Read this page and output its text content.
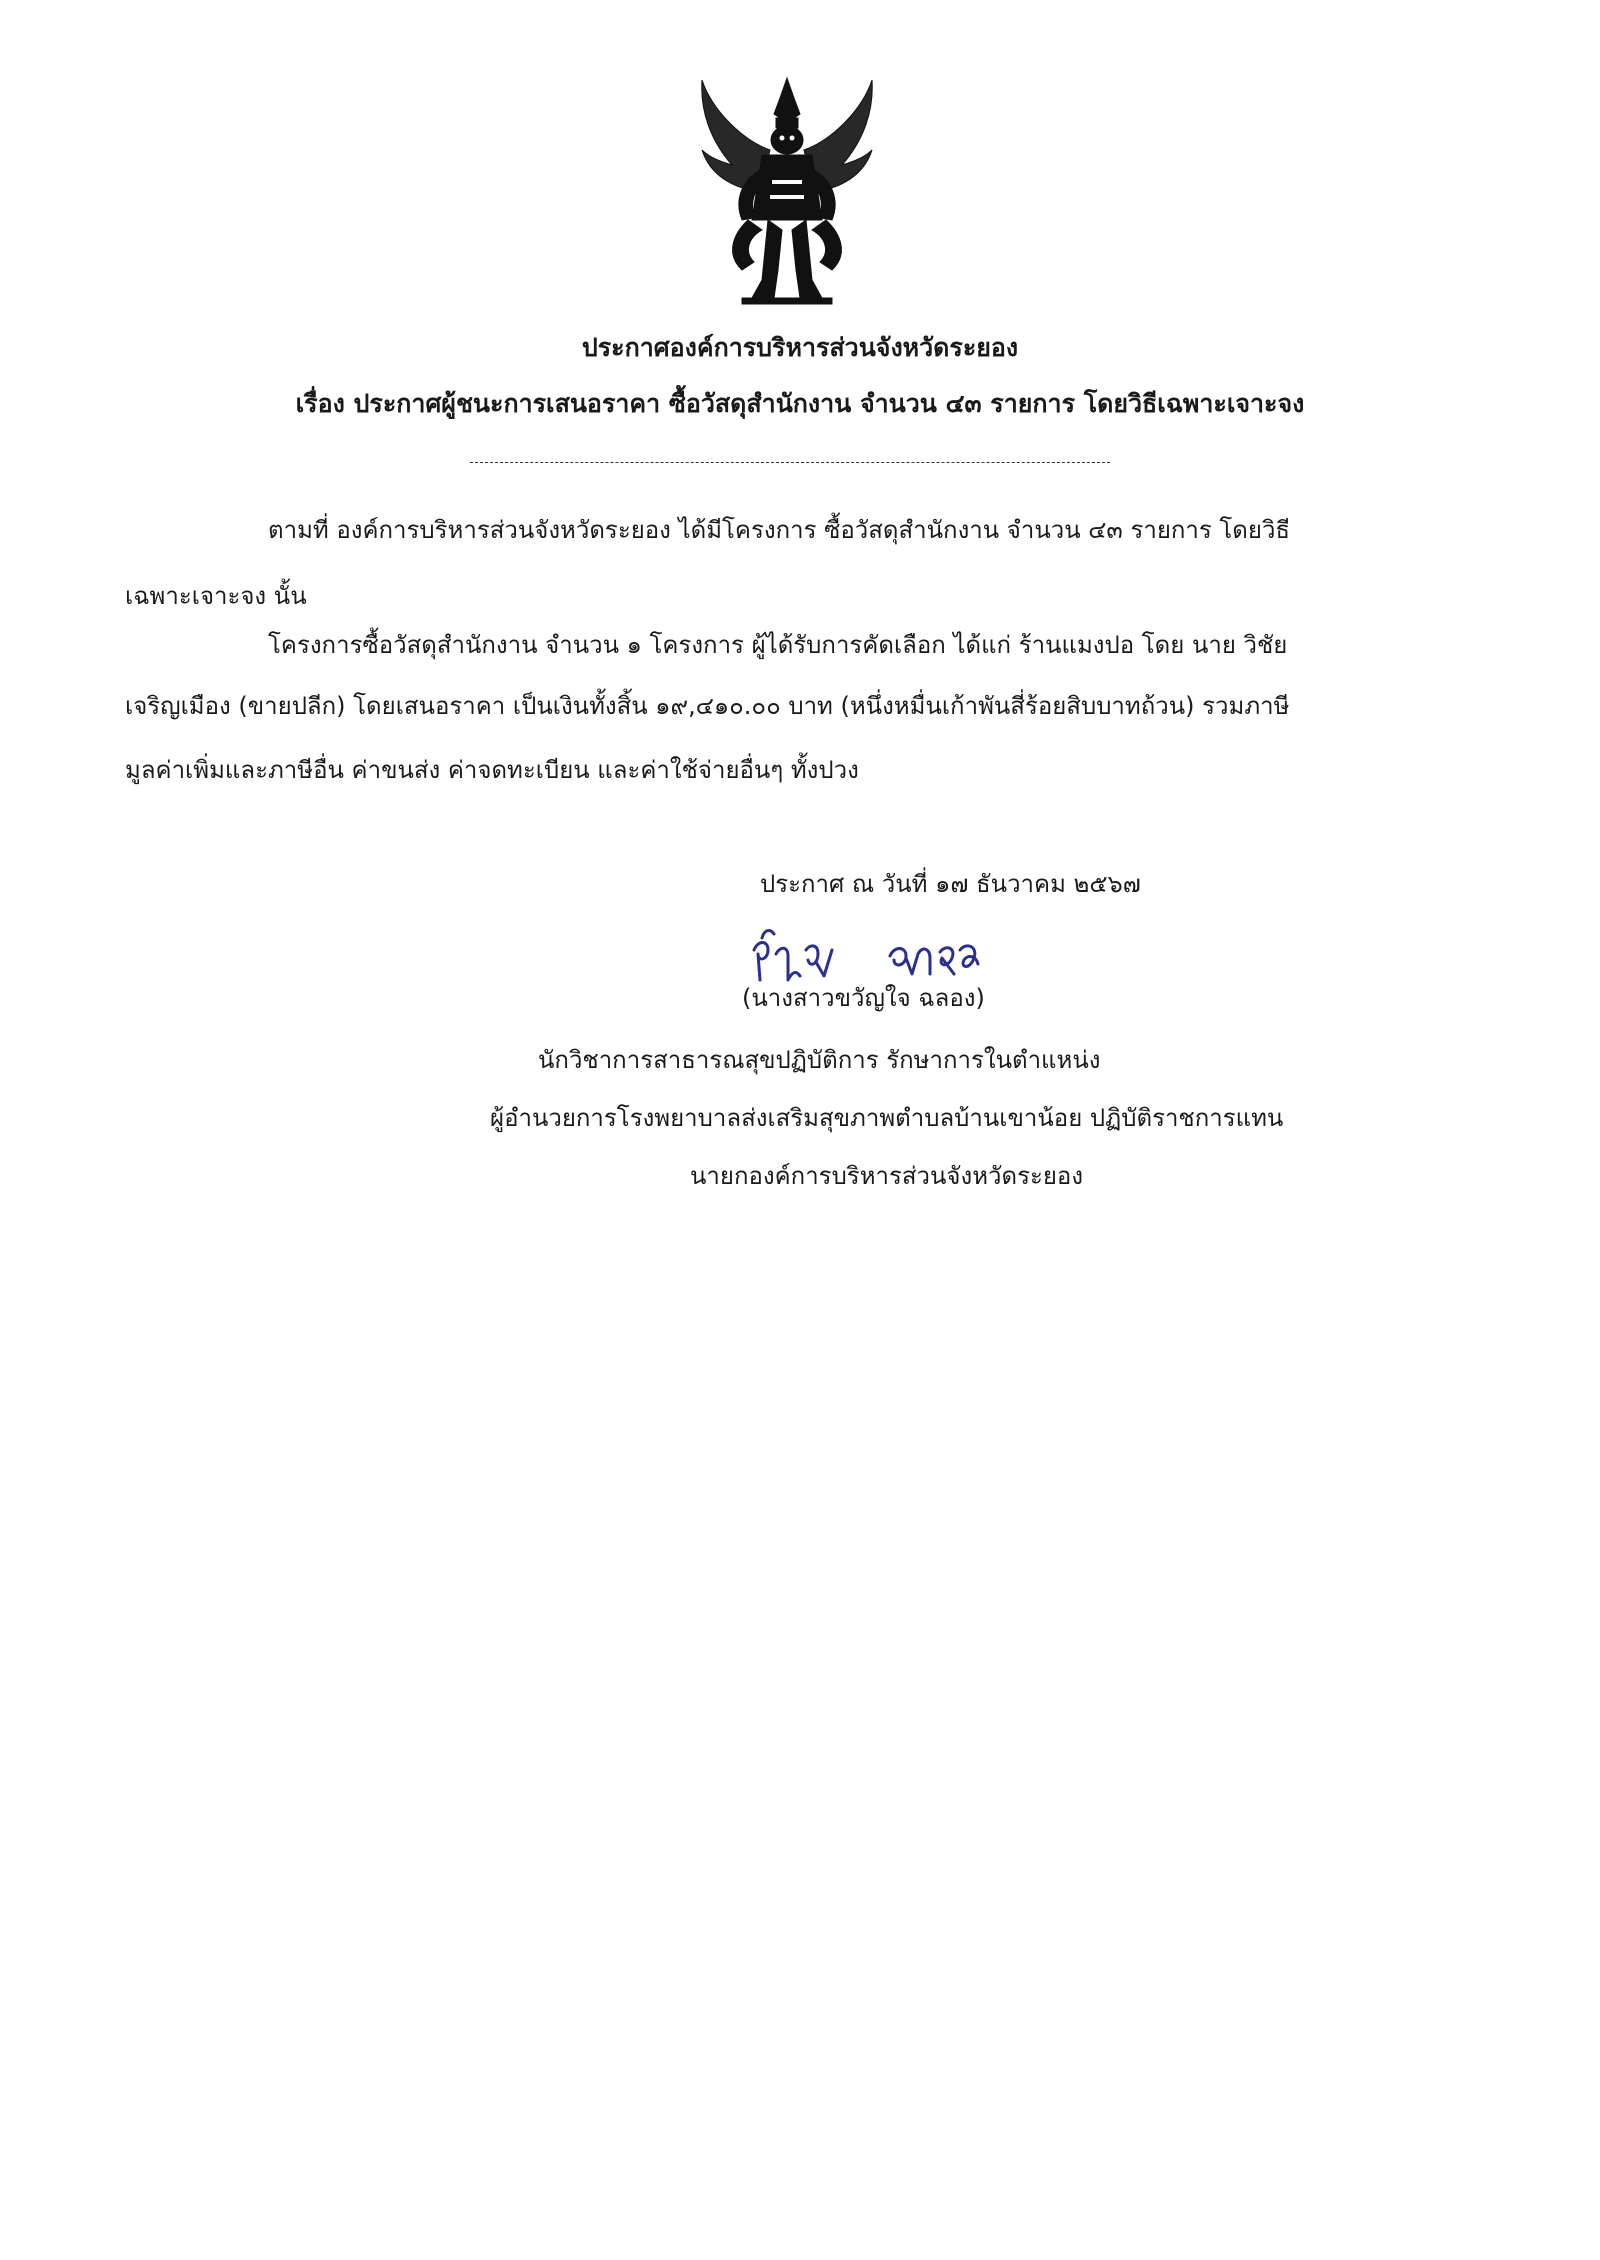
ประกาศองค์การบริหารส่วนจังหวัดระยอง
เรื่อง ประกาศผู้ชนะการเสนอราคา ซื้อวัสดุสำนักงาน จำนวน ๔๓ รายการ โดยวิธีเฉพาะเจาะจง
ตามที่ องค์การบริหารส่วนจังหวัดระยอง ได้มีโครงการ ซื้อวัสดุสำนักงาน จำนวน ๔๓ รายการ โดยวิธี
เฉพาะเจาะจง นั้น
โครงการซื้อวัสดุสำนักงาน จำนวน ๑ โครงการ ผู้ได้รับการคัดเลือก ได้แก่ ร้านแมงปอ โดย นาย วิชัย
เจริญเมือง (ขายปลีก) โดยเสนอราคา เป็นเงินทั้งสิ้น ๑๙,๔๑๐.๐๐ บาท (หนึ่งหมื่นเก้าพันสี่ร้อยสิบบาทถ้วน) รวมภาษี
มูลค่าเพิ่มและภาษีอื่น ค่าขนส่ง ค่าจดทะเบียน และค่าใช้จ่ายอื่นๆ ทั้งปวง
ประกาศ ณ วันที่ ๑๗ ธันวาคม ๒๕๖๗
(นางสาวขวัญใจ ฉลอง)
นักวิชาการสาธารณสุขปฏิบัติการ รักษาการในตำแหน่ง
ผู้อำนวยการโรงพยาบาลส่งเสริมสุขภาพตำบลบ้านเขาน้อย ปฏิบัติราชการแทน
นายกองค์การบริหารส่วนจังหวัดระยอง
